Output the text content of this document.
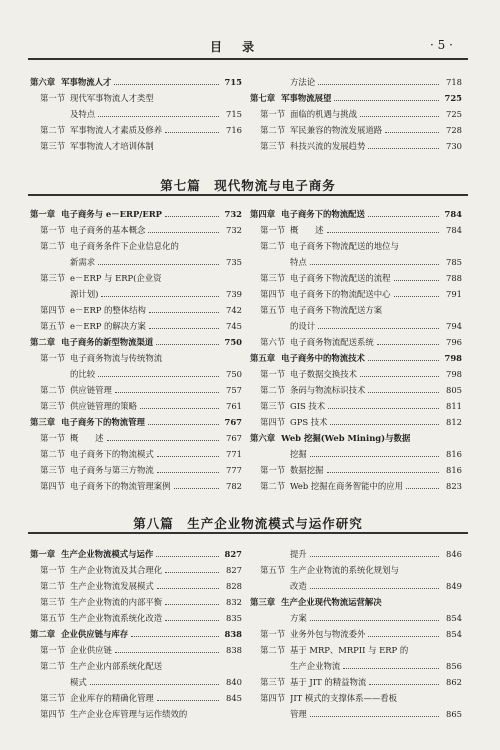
目 录	· 5 ·
第六章 军事物流人才	715
第一节 现代军事物流人才类型
及特点	715
第二节 军事物流人才素质及修养	716
第三节 军事物流人才培训体制
方法论	718
第七章 军事物流展望	725
第一节 面临的机遇与挑战	725
第二节 军民兼容的物流发展道路	728
第三节 科技兴流的发展趋势	730
第七篇　现代物流与电子商务
第一章 电子商务与 e－ERP/ERP	732
第一节 电子商务的基本概念	732
第二节 电子商务条件下企业信息化的
新需求	735
第三节 e－ERP 与 ERP(企业资
源计划)	739
第四节 e－ERP 的整体结构	742
第五节 e－ERP 的解决方案	745
第二章 电子商务的新型物流渠道	750
第一节 电子商务物流与传统物流
的比较	750
第二节 供应链管理	757
第三节 供应链管理的策略	761
第三章 电子商务下的物流管理	767
第一节 概　　述	767
第二节 电子商务下的物流模式	771
第三节 电子商务与第三方物流	777
第四节 电子商务下的物流管理案例	782
第四章 电子商务下的物流配送	784
第一节 概　　述	784
第二节 电子商务下物流配送的地位与
特点	785
第三节 电子商务下物流配送的流程	788
第四节 电子商务下的物流配送中心	791
第五节 电子商务下物流配送方案
的设计	794
第六节 电子商务物流配送系统	796
第五章 电子商务中的物流技术	798
第一节 电子数据交换技术	798
第二节 条码与物流标识技术	805
第三节 GIS 技术	811
第四节 GPS 技术	812
第六章 Web 挖掘(Web Mining)与数据
挖掘	816
第一节 数据挖掘	816
第二节 Web 挖掘在商务智能中的应用	823
第八篇　生产企业物流模式与运作研究
第一章 生产企业物流模式与运作	827
第一节 生产企业物流及其合理化	827
第二节 生产企业物流发展模式	828
第三节 生产企业物流的内部平衡	832
第五节 生产企业物流系统化改造	835
第二章 企业供应链与库存	838
第一节 企业供应链	838
第二节 生产企业内部系统化配送
模式	840
第三节 企业库存的精确化管理	845
第四节 生产企业仓库管理与运作绩效的
提升	846
第五节 生产企业物流的系统化规划与
改造	849
第三章 生产企业现代物流运营解决
方案	854
第一节 业务外包与物流委外	854
第二节 基于 MRP、MRPII 与 ERP 的
生产企业物流	856
第三节 基于 JIT 的精益物流	862
第四节 JIT 模式的支撑体系——看板
管理	865
